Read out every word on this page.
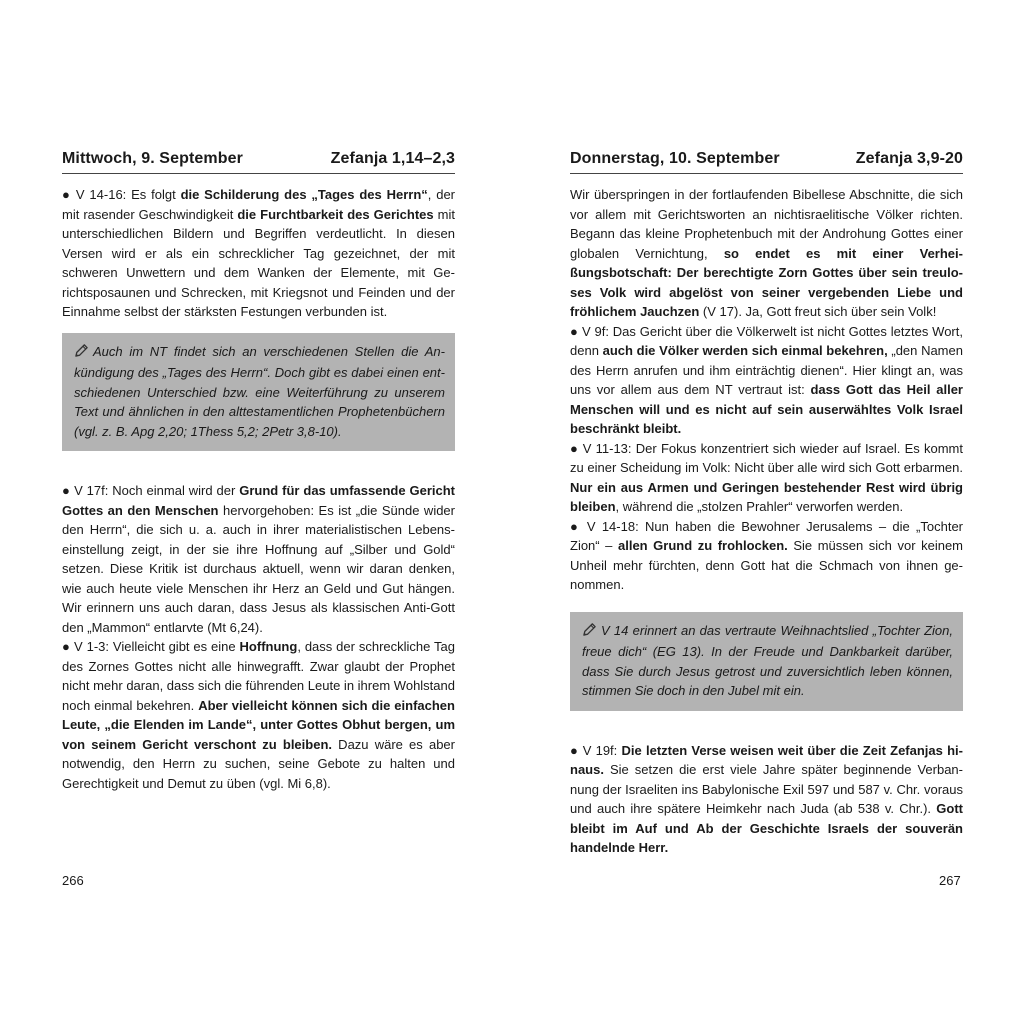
Mittwoch, 9. September	Zefanja 1,14–2,3
● V 14-16: Es folgt die Schilderung des „Tages des Herrn“, der mit rasender Geschwindigkeit die Furchtbarkeit des Gerichtes mit unterschiedlichen Bildern und Begriffen verdeutlicht. In diesen Versen wird er als ein schrecklicher Tag gezeichnet, der mit schweren Unwettern und dem Wanken der Elemente, mit Gerichtsposaunen und Schrecken, mit Kriegsnot und Feinden und der Einnahme selbst der stärksten Festungen verbunden ist.
Auch im NT findet sich an verschiedenen Stellen die Ankündigung des „Tages des Herrn“. Doch gibt es dabei einen entschiedenen Unterschied bzw. eine Weiterführung zu unserem Text und ähnlichen in den alttestamentlichen Prophetenbüchern (vgl. z. B. Apg 2,20; 1Thess 5,2; 2Petr 3,8-10).
● V 17f: Noch einmal wird der Grund für das umfassende Gericht Gottes an den Menschen hervorgehoben: Es ist „die Sünde wider den Herrn“, die sich u. a. auch in ihrer materialistischen Lebenseinstellung zeigt, in der sie ihre Hoffnung auf „Silber und Gold“ setzen. Diese Kritik ist durchaus aktuell, wenn wir daran denken, wie auch heute viele Menschen ihr Herz an Geld und Gut hängen. Wir erinnern uns auch daran, dass Jesus als klassischen Anti-Gott den „Mammon“ entlarvte (Mt 6,24).
● V 1-3: Vielleicht gibt es eine Hoffnung, dass der schreckliche Tag des Zornes Gottes nicht alle hinwegrafft. Zwar glaubt der Prophet nicht mehr daran, dass sich die führenden Leute in ihrem Wohlstand noch einmal bekehren. Aber vielleicht können sich die einfachen Leute, „die Elenden im Lande“, unter Gottes Obhut bergen, um von seinem Gericht verschont zu bleiben. Dazu wäre es aber notwendig, den Herrn zu suchen, seine Gebote zu halten und Gerechtigkeit und Demut zu üben (vgl. Mi 6,8).
Donnerstag, 10. September	Zefanja 3,9-20
Wir überspringen in der fortlaufenden Bibellese Abschnitte, die sich vor allem mit Gerichtsworten an nichtisraelitische Völker richten. Begann das kleine Prophetenbuch mit der Androhung Gottes einer globalen Vernichtung, so endet es mit einer Verheißungsbotschaft: Der berechtigte Zorn Gottes über sein treuloses Volk wird abgelöst von seiner vergebenden Liebe und fröhlichem Jauchzen (V 17). Ja, Gott freut sich über sein Volk!
● V 9f: Das Gericht über die Völkerwelt ist nicht Gottes letztes Wort, denn auch die Völker werden sich einmal bekehren, „den Namen des Herrn anrufen und ihm einträchtig dienen“. Hier klingt an, was uns vor allem aus dem NT vertraut ist: dass Gott das Heil aller Menschen will und es nicht auf sein auserwähltes Volk Israel beschränkt bleibt.
● V 11-13: Der Fokus konzentriert sich wieder auf Israel. Es kommt zu einer Scheidung im Volk: Nicht über alle wird sich Gott erbarmen. Nur ein aus Armen und Geringen bestehender Rest wird übrig bleiben, während die „stolzen Prahler“ verworfen werden.
● V 14-18: Nun haben die Bewohner Jerusalems – die „Tochter Zion“ – allen Grund zu frohlocken. Sie müssen sich vor keinem Unheil mehr fürchten, denn Gott hat die Schmach von ihnen genommen.
V 14 erinnert an das vertraute Weihnachtslied „Tochter Zion, freue dich“ (EG 13). In der Freude und Dankbarkeit darüber, dass Sie durch Jesus getrost und zuversichtlich leben können, stimmen Sie doch in den Jubel mit ein.
● V 19f: Die letzten Verse weisen weit über die Zeit Zefanjas hinaus. Sie setzen die erst viele Jahre später beginnende Verbannung der Israeliten ins Babylonische Exil 597 und 587 v. Chr. voraus und auch ihre spätere Heimkehr nach Juda (ab 538 v. Chr.). Gott bleibt im Auf und Ab der Geschichte Israels der souverän handelnde Herr.
266	267
